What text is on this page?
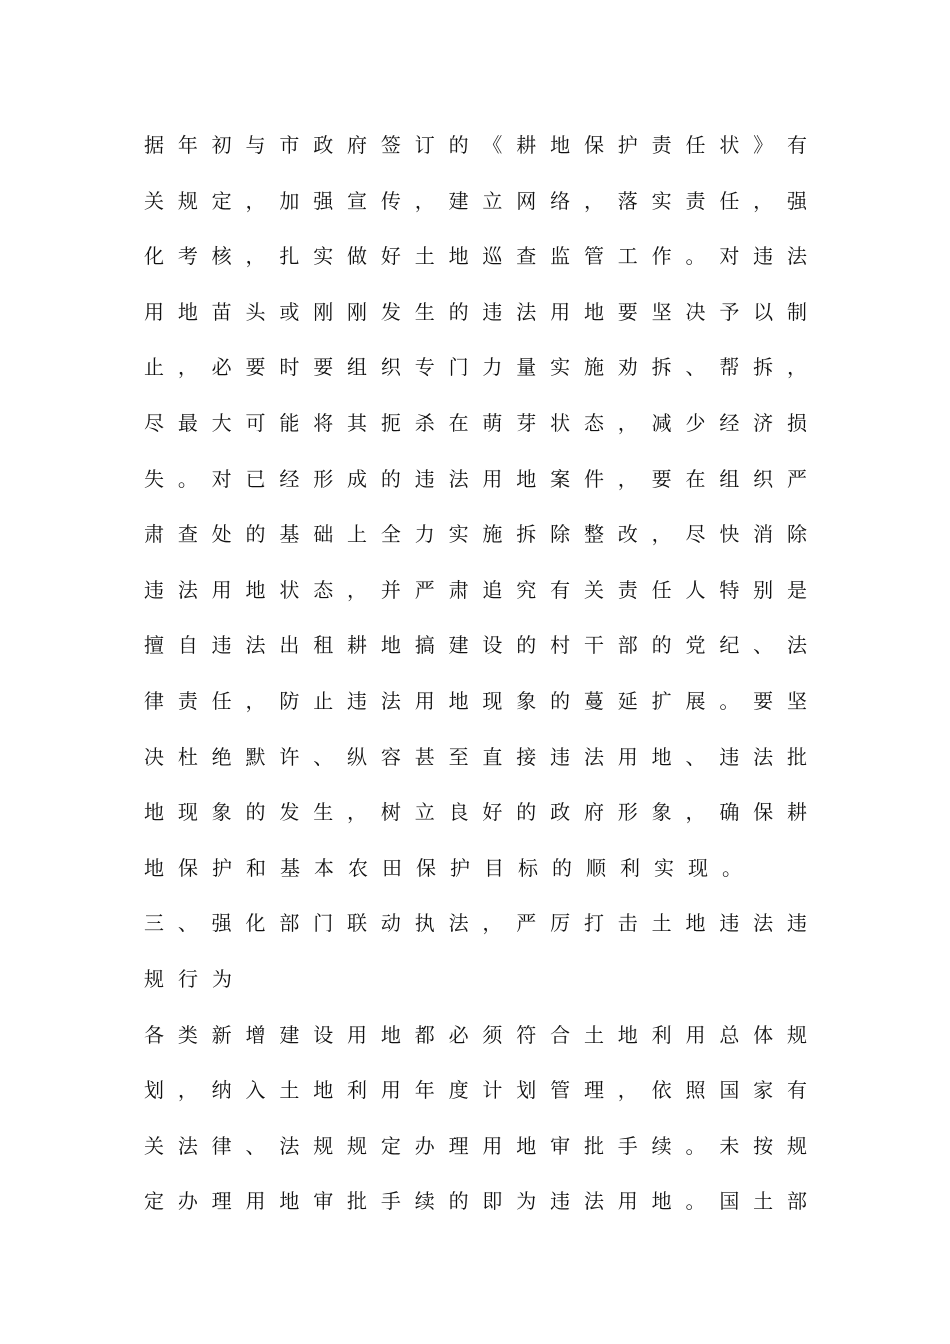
据年初与市政府签订的《耕地保护责任状》有
关规定，加强宣传，建立网络，落实责任，强
化考核，扎实做好土地巡查监管工作。对违法
用地苗头或刚刚发生的违法用地要坚决予以制
止，必要时要组织专门力量实施劝拆、帮拆，
尽最大可能将其扼杀在萌芽状态，减少经济损
失。对已经形成的违法用地案件，要在组织严
肃查处的基础上全力实施拆除整改，尽快消除
违法用地状态，并严肃追究有关责任人特别是
擅自违法出租耕地搞建设的村干部的党纪、法
律责任，防止违法用地现象的蔓延扩展。要坚
决杜绝默许、纵容甚至直接违法用地、违法批
地现象的发生，树立良好的政府形象，确保耕
地保护和基本农田保护目标的顺利实现。
三、强化部门联动执法，严厉打击土地违法违
规行为
各类新增建设用地都必须符合土地利用总体规
划，纳入土地利用年度计划管理，依照国家有
关法律、法规规定办理用地审批手续。未按规
定办理用地审批手续的即为违法用地。国土部
